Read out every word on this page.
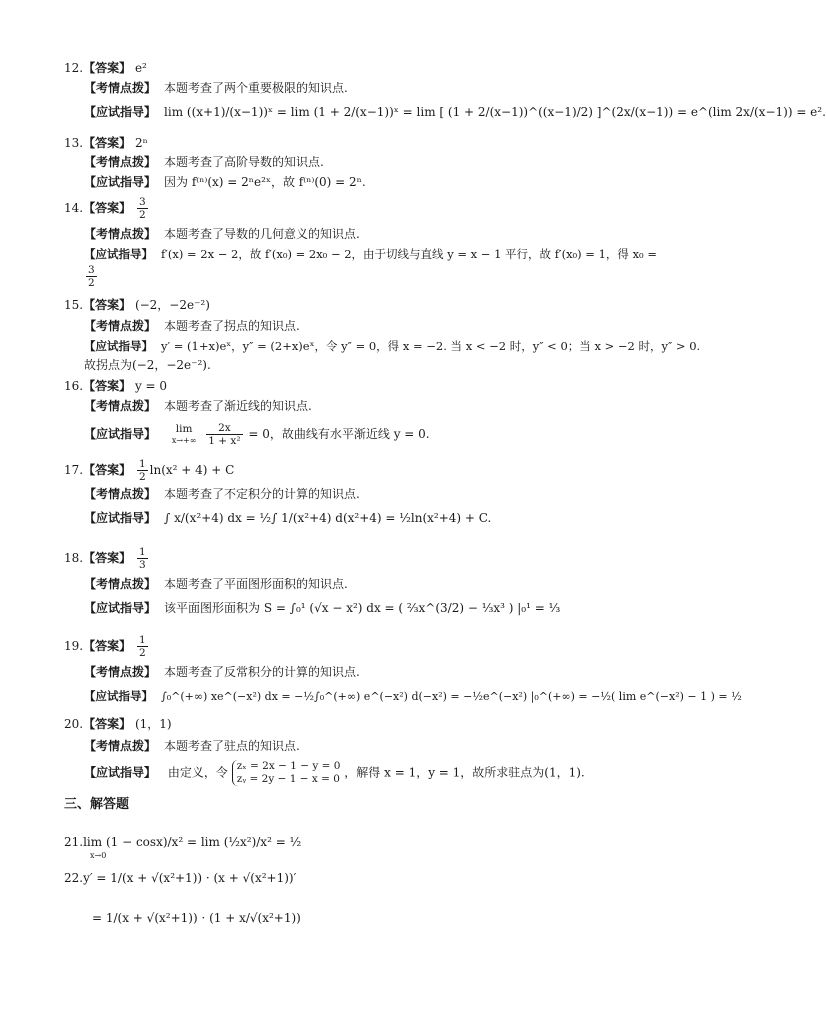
12.【答案】 e²
【考情点拨】 本题考查了两个重要极限的知识点.
【应试指导】 lim ((x+1)/(x−1))ˣ = lim (1 + 2/(x−1))ˣ = lim [ (1 + 2/(x−1))^((x−1)/2) ]^(2x/(x−1)) = e^(lim 2x/(x−1)) = e².
13.【答案】 2ⁿ
【考情点拨】 本题考查了高阶导数的知识点.
【应试指导】 因为 f⁽ⁿ⁾(x) = 2ⁿe²ˣ，故 f⁽ⁿ⁾(0) = 2ⁿ.
14.【答案】 $\frac{3}{2}$
【考情点拨】 本题考查了导数的几何意义的知识点.
【应试指导】 f′(x) = 2x − 2，故 f′(x₀) = 2x₀ − 2，由于切线与直线 y = x − 1 平行，故 f′(x₀) = 1，得 x₀ =
$\frac{3}{2}$
15.【答案】 (−2，−2e⁻²)
【考情点拨】 本题考查了拐点的知识点.
【应试指导】 y′ = (1+x)eˣ，y″ = (2+x)eˣ，令 y″ = 0，得 x = −2. 当 x < −2 时，y″ < 0；当 x > −2 时，y″ > 0.
故拐点为(−2，−2e⁻²).
16.【答案】 y = 0
【考情点拨】 本题考查了渐近线的知识点.
【应试指导】	lim
x→+∞
$\frac{2x}{\text{1 + x²}} = 0$，故曲线有水平渐近线 y = 0.
17.【答案】 $\frac{1}{2} \ln(x^2 + 4) + C$
【考情点拨】 本题考查了不定积分的计算的知识点.
【应试指导】 ∫ x/(x²+4) dx = ½∫ 1/(x²+4) d(x²+4) = ½ln(x²+4) + C.
18.【答案】 $\frac{1}{3}$
【考情点拨】 本题考查了平面图形面积的知识点.
【应试指导】 该平面图形面积为 S = ∫₀¹ (√x − x²) dx = ( ⅔x^(3/2) − ⅓x³ ) |₀¹ = ⅓
19.【答案】 $\frac{1}{2}$
【考情点拨】 本题考查了反常积分的计算的知识点.
【应试指导】 ∫₀^(+∞) xe^(−x²) dx = −½∫₀^(+∞) e^(−x²) d(−x²) = −½e^(−x²) |₀^(+∞) = −½( lim e^(−x²) − 1 ) = ½
20.【答案】 (1，1)
【考情点拨】 本题考查了驻点的知识点.
【应试指导】 由定义，令 zₓ = 2x − 1 − y = 0
zᵧ = 2y − 1 − x = 0 ，解得 x = 1，y = 1，故所求驻点为(1，1).
三、解答题
21.lim (1 − cosx)/x² = lim (½x²)/x² = ½
x→0
22.y′ = 1/(x + √(x²+1)) · (x + √(x²+1))′
= 1/(x + √(x²+1)) · (1 + x/√(x²+1))
